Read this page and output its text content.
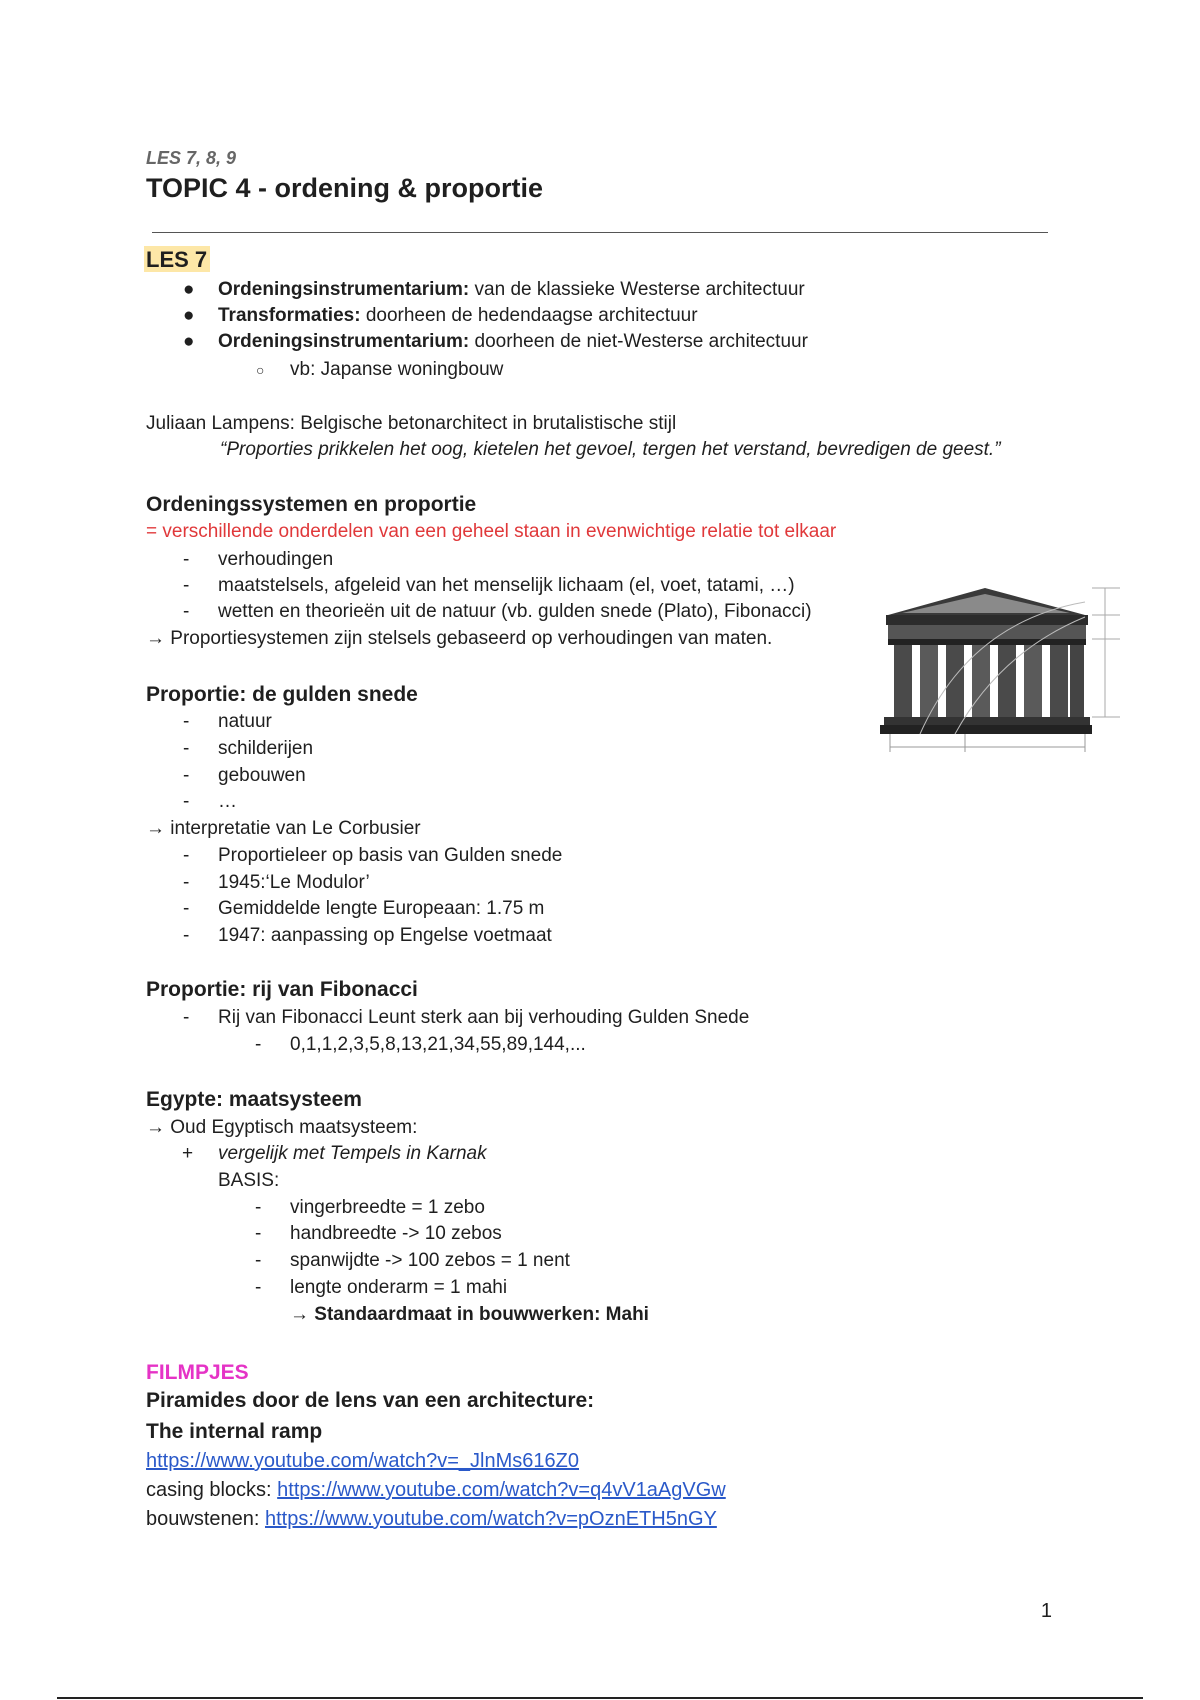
LES 7, 8, 9
TOPIC 4 - ordening & proportie
LES 7
● Ordeningsinstrumentarium: van de klassieke Westerse architectuur
● Transformaties: doorheen de hedendaagse architectuur
● Ordeningsinstrumentarium: doorheen de niet-Westerse architectuur
○ vb: Japanse woningbouw
Juliaan Lampens: Belgische betonarchitect in brutalistische stijl
“Proporties prikkelen het oog, kietelen het gevoel, tergen het verstand, bevredigen de geest.”
Ordeningssystemen en proportie
= verschillende onderdelen van een geheel staan in evenwichtige relatie tot elkaar
- verhoudingen
- maatstelsels, afgeleid van het menselijk lichaam (el, voet, tatami, …)
- wetten en theorieën uit de natuur (vb. gulden snede (Plato), Fibonacci)
→ Proportiesystemen zijn stelsels gebaseerd op verhoudingen van maten.
Proportie: de gulden snede
- natuur
- schilderijen
- gebouwen
- …
→ interpretatie van Le Corbusier
- Proportieleer op basis van Gulden snede
- 1945:‘Le Modulor’
- Gemiddelde lengte Europeaan: 1.75 m
- 1947: aanpassing op Engelse voetmaat
Proportie: rij van Fibonacci
- Rij van Fibonacci Leunt sterk aan bij verhouding Gulden Snede
- 0,1,1,2,3,5,8,13,21,34,55,89,144,...
Egypte: maatsysteem
→ Oud Egyptisch maatsysteem:
+ vergelijk met Tempels in Karnak
BASIS:
- vingerbreedte = 1 zebo
- handbreedte -> 10 zebos
- spanwijdte -> 100 zebos = 1 nent
- lengte onderarm = 1 mahi
→ Standaardmaat in bouwwerken: Mahi
FILMPJES
Piramides door de lens van een architecture:
The internal ramp
https://www.youtube.com/watch?v=_JlnMs616Z0
casing blocks: https://www.youtube.com/watch?v=q4vV1aAgVGw
bouwstenen: https://www.youtube.com/watch?v=pOznETH5nGY
1
